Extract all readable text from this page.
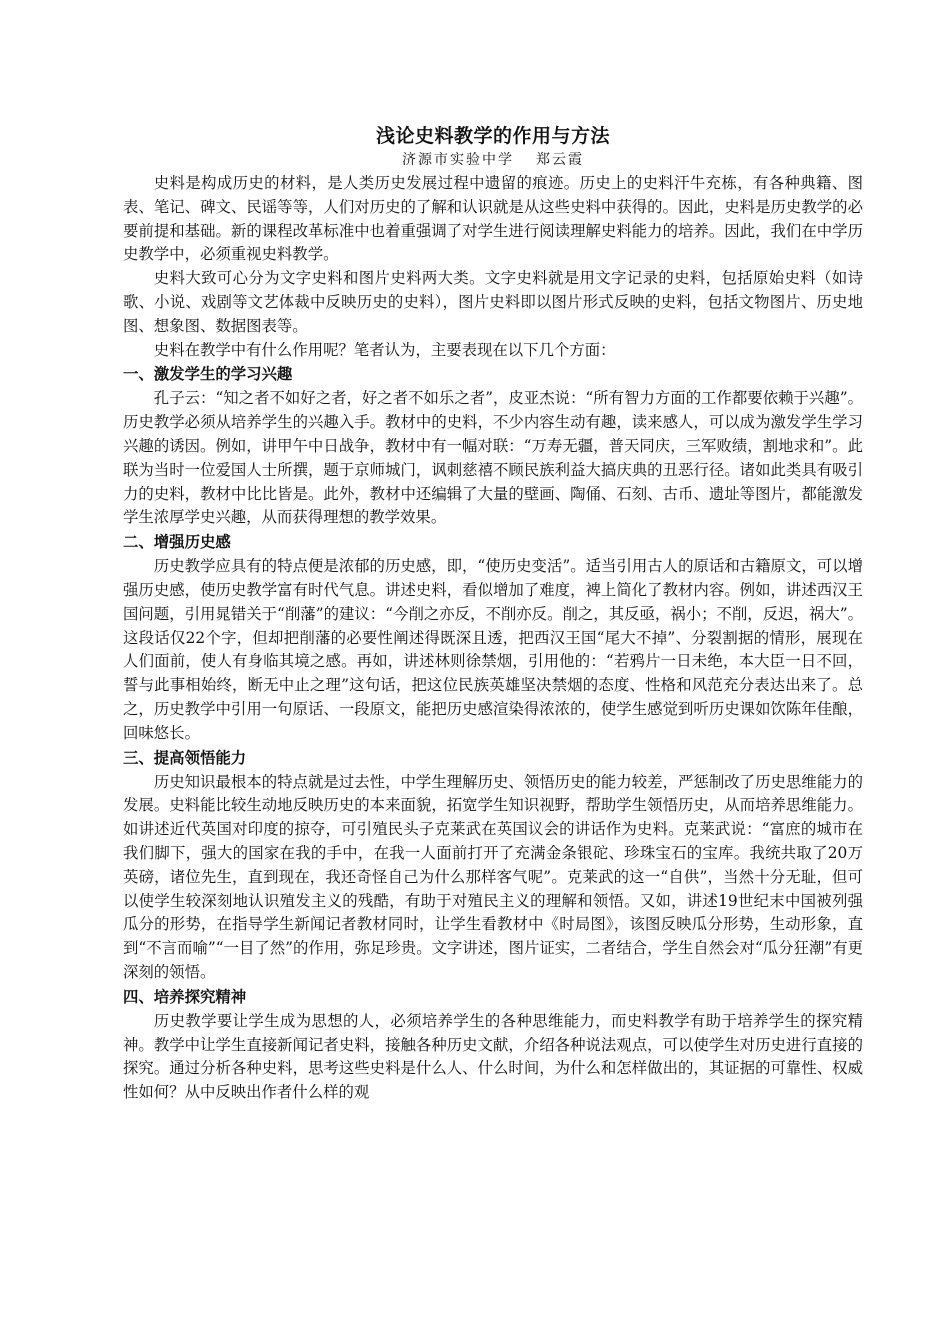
浅论史料教学的作用与方法
济源市实验中学 郑云霞

史料是构成历史的材料，是人类历史发展过程中遗留的痕迹。历史上的史料汗牛充栋，有各种典籍、图表、笔记、碑文、民谣等等，人们对历史的了解和认识就是从这些史料中获得的。因此，史料是历史教学的必要前提和基础。新的课程改革标准中也着重强调了对学生进行阅读理解史料能力的培养。因此，我们在中学历史教学中，必须重视史料教学。

史料大致可心分为文字史料和图片史料两大类。文字史料就是用文字记录的史料，包括原始史料（如诗歌、小说、戏剧等文艺体裁中反映历史的史料），图片史料即以图片形式反映的史料，包括文物图片、历史地图、想象图、数据图表等。

史料在教学中有什么作用呢？笔者认为，主要表现在以下几个方面：

一、激发学生的学习兴趣

孔子云：“知之者不如好之者，好之者不如乐之者”，皮亚杰说：“所有智力方面的工作都要依赖于兴趣”。历史教学必须从培养学生的兴趣入手。教材中的史料，不少内容生动有趣，读来感人，可以成为激发学生学习兴趣的诱因。例如，讲甲午中日战争，教材中有一幅对联：“万寿无疆，普天同庆，三军败绩，割地求和”。此联为当时一位爱国人士所撰，题于京师城门，讽刺慈禧不顾民族利益大搞庆典的丑恶行径。诸如此类具有吸引力的史料，教材中比比皆是。此外，教材中还编辑了大量的壁画、陶俑、石刻、古币、遗址等图片，都能激发学生浓厚学史兴趣，从而获得理想的教学效果。

二、增强历史感

历史教学应具有的特点便是浓郁的历史感，即，“使历史变活”。适当引用古人的原话和古籍原文，可以增强历史感，使历史教学富有时代气息。讲述史料，看似增加了难度，裨上简化了教材内容。例如，讲述西汉王国问题，引用晁错关于“削藩”的建议：“今削之亦反，不削亦反。削之，其反亟，祸小；不削，反迟，祸大”。这段话仅22个字，但却把削藩的必要性阐述得既深且透，把西汉王国“尾大不掉”、分裂割据的情形，展现在人们面前，使人有身临其境之感。再如，讲述林则徐禁烟，引用他的：“若鸦片一日未绝，本大臣一日不回，誓与此事相始终，断无中止之理”这句话，把这位民族英雄坚决禁烟的态度、性格和风范充分表达出来了。总之，历史教学中引用一句原话、一段原文，能把历史感渲染得浓浓的，使学生感觉到听历史课如饮陈年佳酿，回味悠长。

三、提高领悟能力

历史知识最根本的特点就是过去性，中学生理解历史、领悟历史的能力较差，严惩制改了历史思维能力的发展。史料能比较生动地反映历史的本来面貌，拓宽学生知识视野，帮助学生领悟历史，从而培养思维能力。如讲述近代英国对印度的掠夺，可引殖民头子克莱武在英国议会的讲话作为史料。克莱武说：“富庶的城市在我们脚下，强大的国家在我的手中，在我一人面前打开了充满金条银砣、珍珠宝石的宝库。我统共取了20万英磅，诸位先生，直到现在，我还奇怪自己为什么那样客气呢”。克莱武的这一“自供”，当然十分无耻，但可以使学生较深刻地认识殖发主义的残酷，有助于对殖民主义的理解和领悟。又如，讲述19世纪末中国被列强瓜分的形势，在指导学生新闻记者教材同时，让学生看教材中《时局图》，该图反映瓜分形势，生动形象，直到“不言而喻”“一目了然”的作用，弥足珍贵。文字讲述，图片证实，二者结合，学生自然会对“瓜分狂潮”有更深刻的领悟。

四、培养探究精神

历史教学要让学生成为思想的人，必须培养学生的各种思维能力，而史料教学有助于培养学生的探究精神。教学中让学生直接新闻记者史料，接触各种历史文献，介绍各种说法观点，可以使学生对历史进行直接的探究。通过分析各种史料，思考这些史料是什么人、什么时间，为什么和怎样做出的，其证据的可靠性、权威性如何？从中反映出作者什么样的观
